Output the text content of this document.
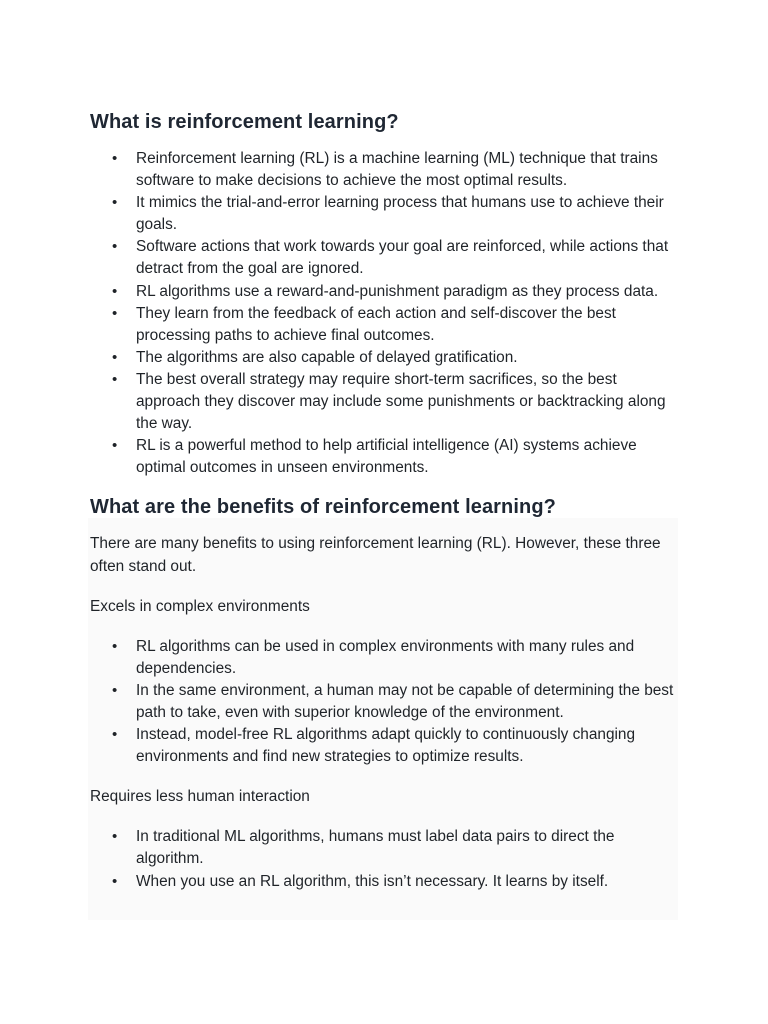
What is reinforcement learning?
• Reinforcement learning (RL) is a machine learning (ML) technique that trains software to make decisions to achieve the most optimal results.
• It mimics the trial-and-error learning process that humans use to achieve their goals.
• Software actions that work towards your goal are reinforced, while actions that detract from the goal are ignored.
• RL algorithms use a reward-and-punishment paradigm as they process data.
• They learn from the feedback of each action and self-discover the best processing paths to achieve final outcomes.
• The algorithms are also capable of delayed gratification.
• The best overall strategy may require short-term sacrifices, so the best approach they discover may include some punishments or backtracking along the way.
• RL is a powerful method to help artificial intelligence (AI) systems achieve optimal outcomes in unseen environments.
What are the benefits of reinforcement learning?

There are many benefits to using reinforcement learning (RL). However, these three often stand out.

Excels in complex environments

• RL algorithms can be used in complex environments with many rules and dependencies.
• In the same environment, a human may not be capable of determining the best path to take, even with superior knowledge of the environment.
• Instead, model-free RL algorithms adapt quickly to continuously changing environments and find new strategies to optimize results.

Requires less human interaction

• In traditional ML algorithms, humans must label data pairs to direct the algorithm.
• When you use an RL algorithm, this isn’t necessary. It learns by itself.
